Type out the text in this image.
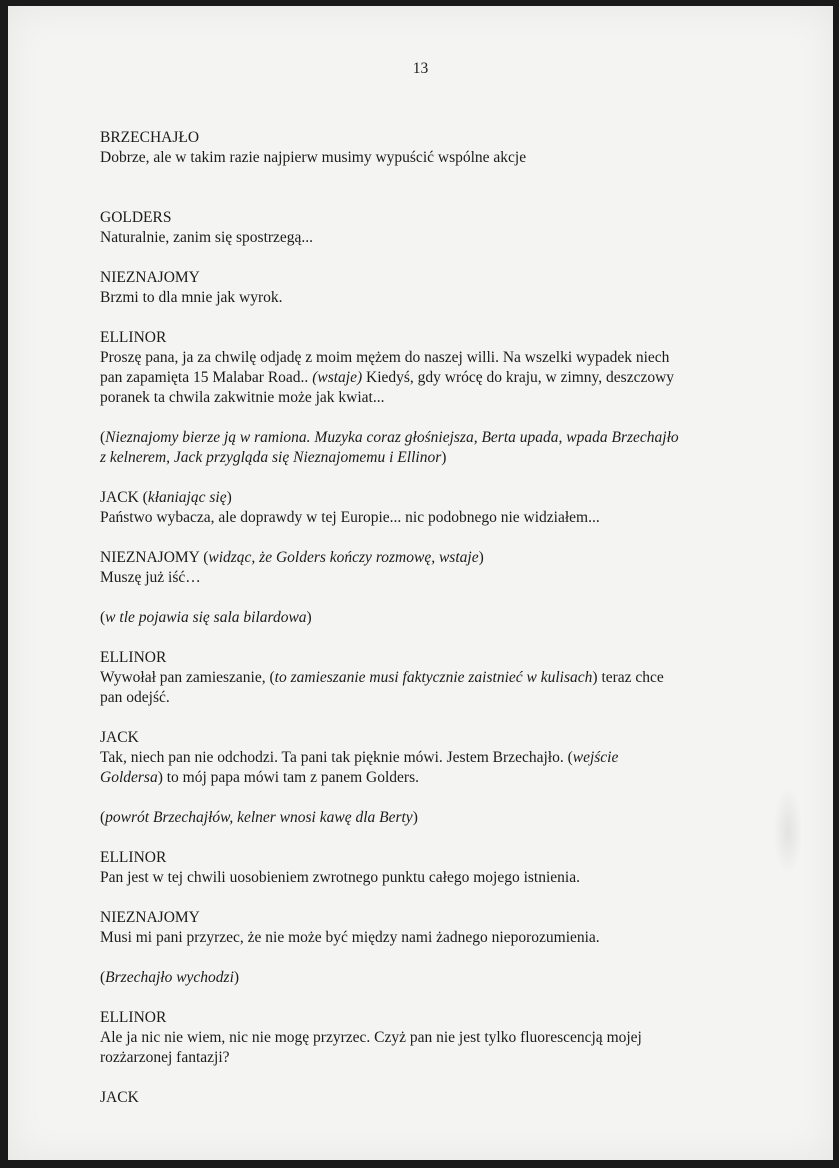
13
BRZECHAJŁO
Dobrze, ale w takim razie najpierw musimy wypuścić wspólne akcje
GOLDERS
Naturalnie, zanim się spostrzegą...
NIEZNAJOMY
Brzmi to dla mnie jak wyrok.
ELLINOR
Proszę pana, ja za chwilę odjadę z moim mężem do naszej willi. Na wszelki wypadek niech
pan zapamięta 15 Malabar Road.. (wstaje) Kiedyś, gdy wrócę do kraju, w zimny, deszczowy
poranek ta chwila zakwitnie może jak kwiat...
(Nieznajomy bierze ją w ramiona. Muzyka coraz głośniejsza, Berta upada, wpada Brzechajło
z kelnerem, Jack przygląda się Nieznajomemu i Ellinor)
JACK (kłaniając się)
Państwo wybacza, ale doprawdy w tej Europie... nic podobnego nie widziałem...
NIEZNAJOMY (widząc, że Golders kończy rozmowę, wstaje)
Muszę już iść…
(w tle pojawia się sala bilardowa)
ELLINOR
Wywołał pan zamieszanie, (to zamieszanie musi faktycznie zaistnieć w kulisach) teraz chce
pan odejść.
JACK
Tak, niech pan nie odchodzi. Ta pani tak pięknie mówi. Jestem Brzechajło. (wejście
Goldersa) to mój papa mówi tam z panem Golders.
(powrót Brzechajłów, kelner wnosi kawę dla Berty)
ELLINOR
Pan jest w tej chwili uosobieniem zwrotnego punktu całego mojego istnienia.
NIEZNAJOMY
Musi mi pani przyrzec, że nie może być między nami żadnego nieporozumienia.
(Brzechajło wychodzi)
ELLINOR
Ale ja nic nie wiem, nic nie mogę przyrzec. Czyż pan nie jest tylko fluorescencją mojej
rozżarzonej fantazji?
JACK
